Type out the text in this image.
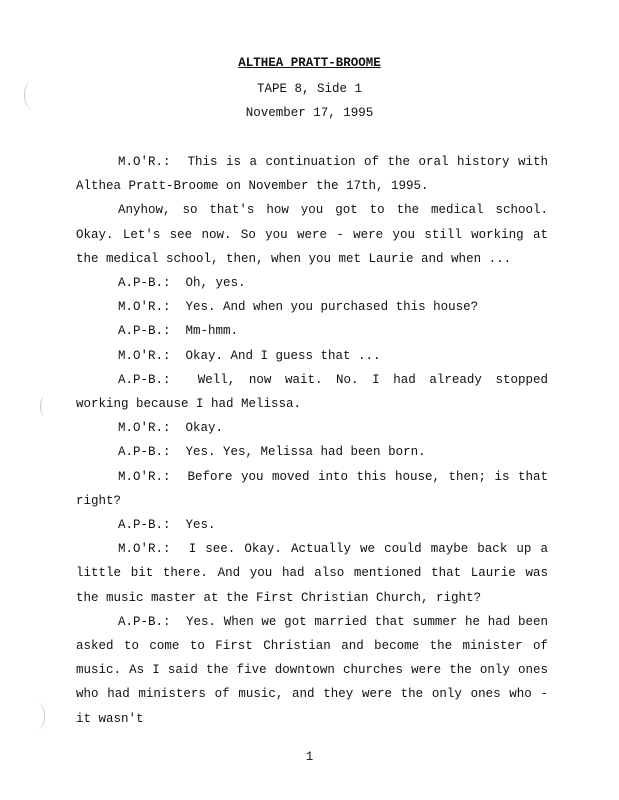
ALTHEA PRATT-BROOME
TAPE 8, Side 1
November 17, 1995

M.O'R.: This is a continuation of the oral history with Althea Pratt-Broome on November the 17th, 1995.

Anyhow, so that's how you got to the medical school. Okay. Let's see now. So you were - were you still working at the medical school, then, when you met Laurie and when ...

A.P-B.: Oh, yes.

M.O'R.: Yes. And when you purchased this house?

A.P-B.: Mm-hmm.

M.O'R.: Okay. And I guess that ...

A.P-B.: Well, now wait. No. I had already stopped working because I had Melissa.

M.O'R.: Okay.

A.P-B.: Yes. Yes, Melissa had been born.

M.O'R.: Before you moved into this house, then; is that right?

A.P-B.: Yes.

M.O'R.: I see. Okay. Actually we could maybe back up a little bit there. And you had also mentioned that Laurie was the music master at the First Christian Church, right?

A.P-B.: Yes. When we got married that summer he had been asked to come to First Christian and become the minister of music. As I said the five downtown churches were the only ones who had ministers of music, and they were the only ones who - it wasn't

1
